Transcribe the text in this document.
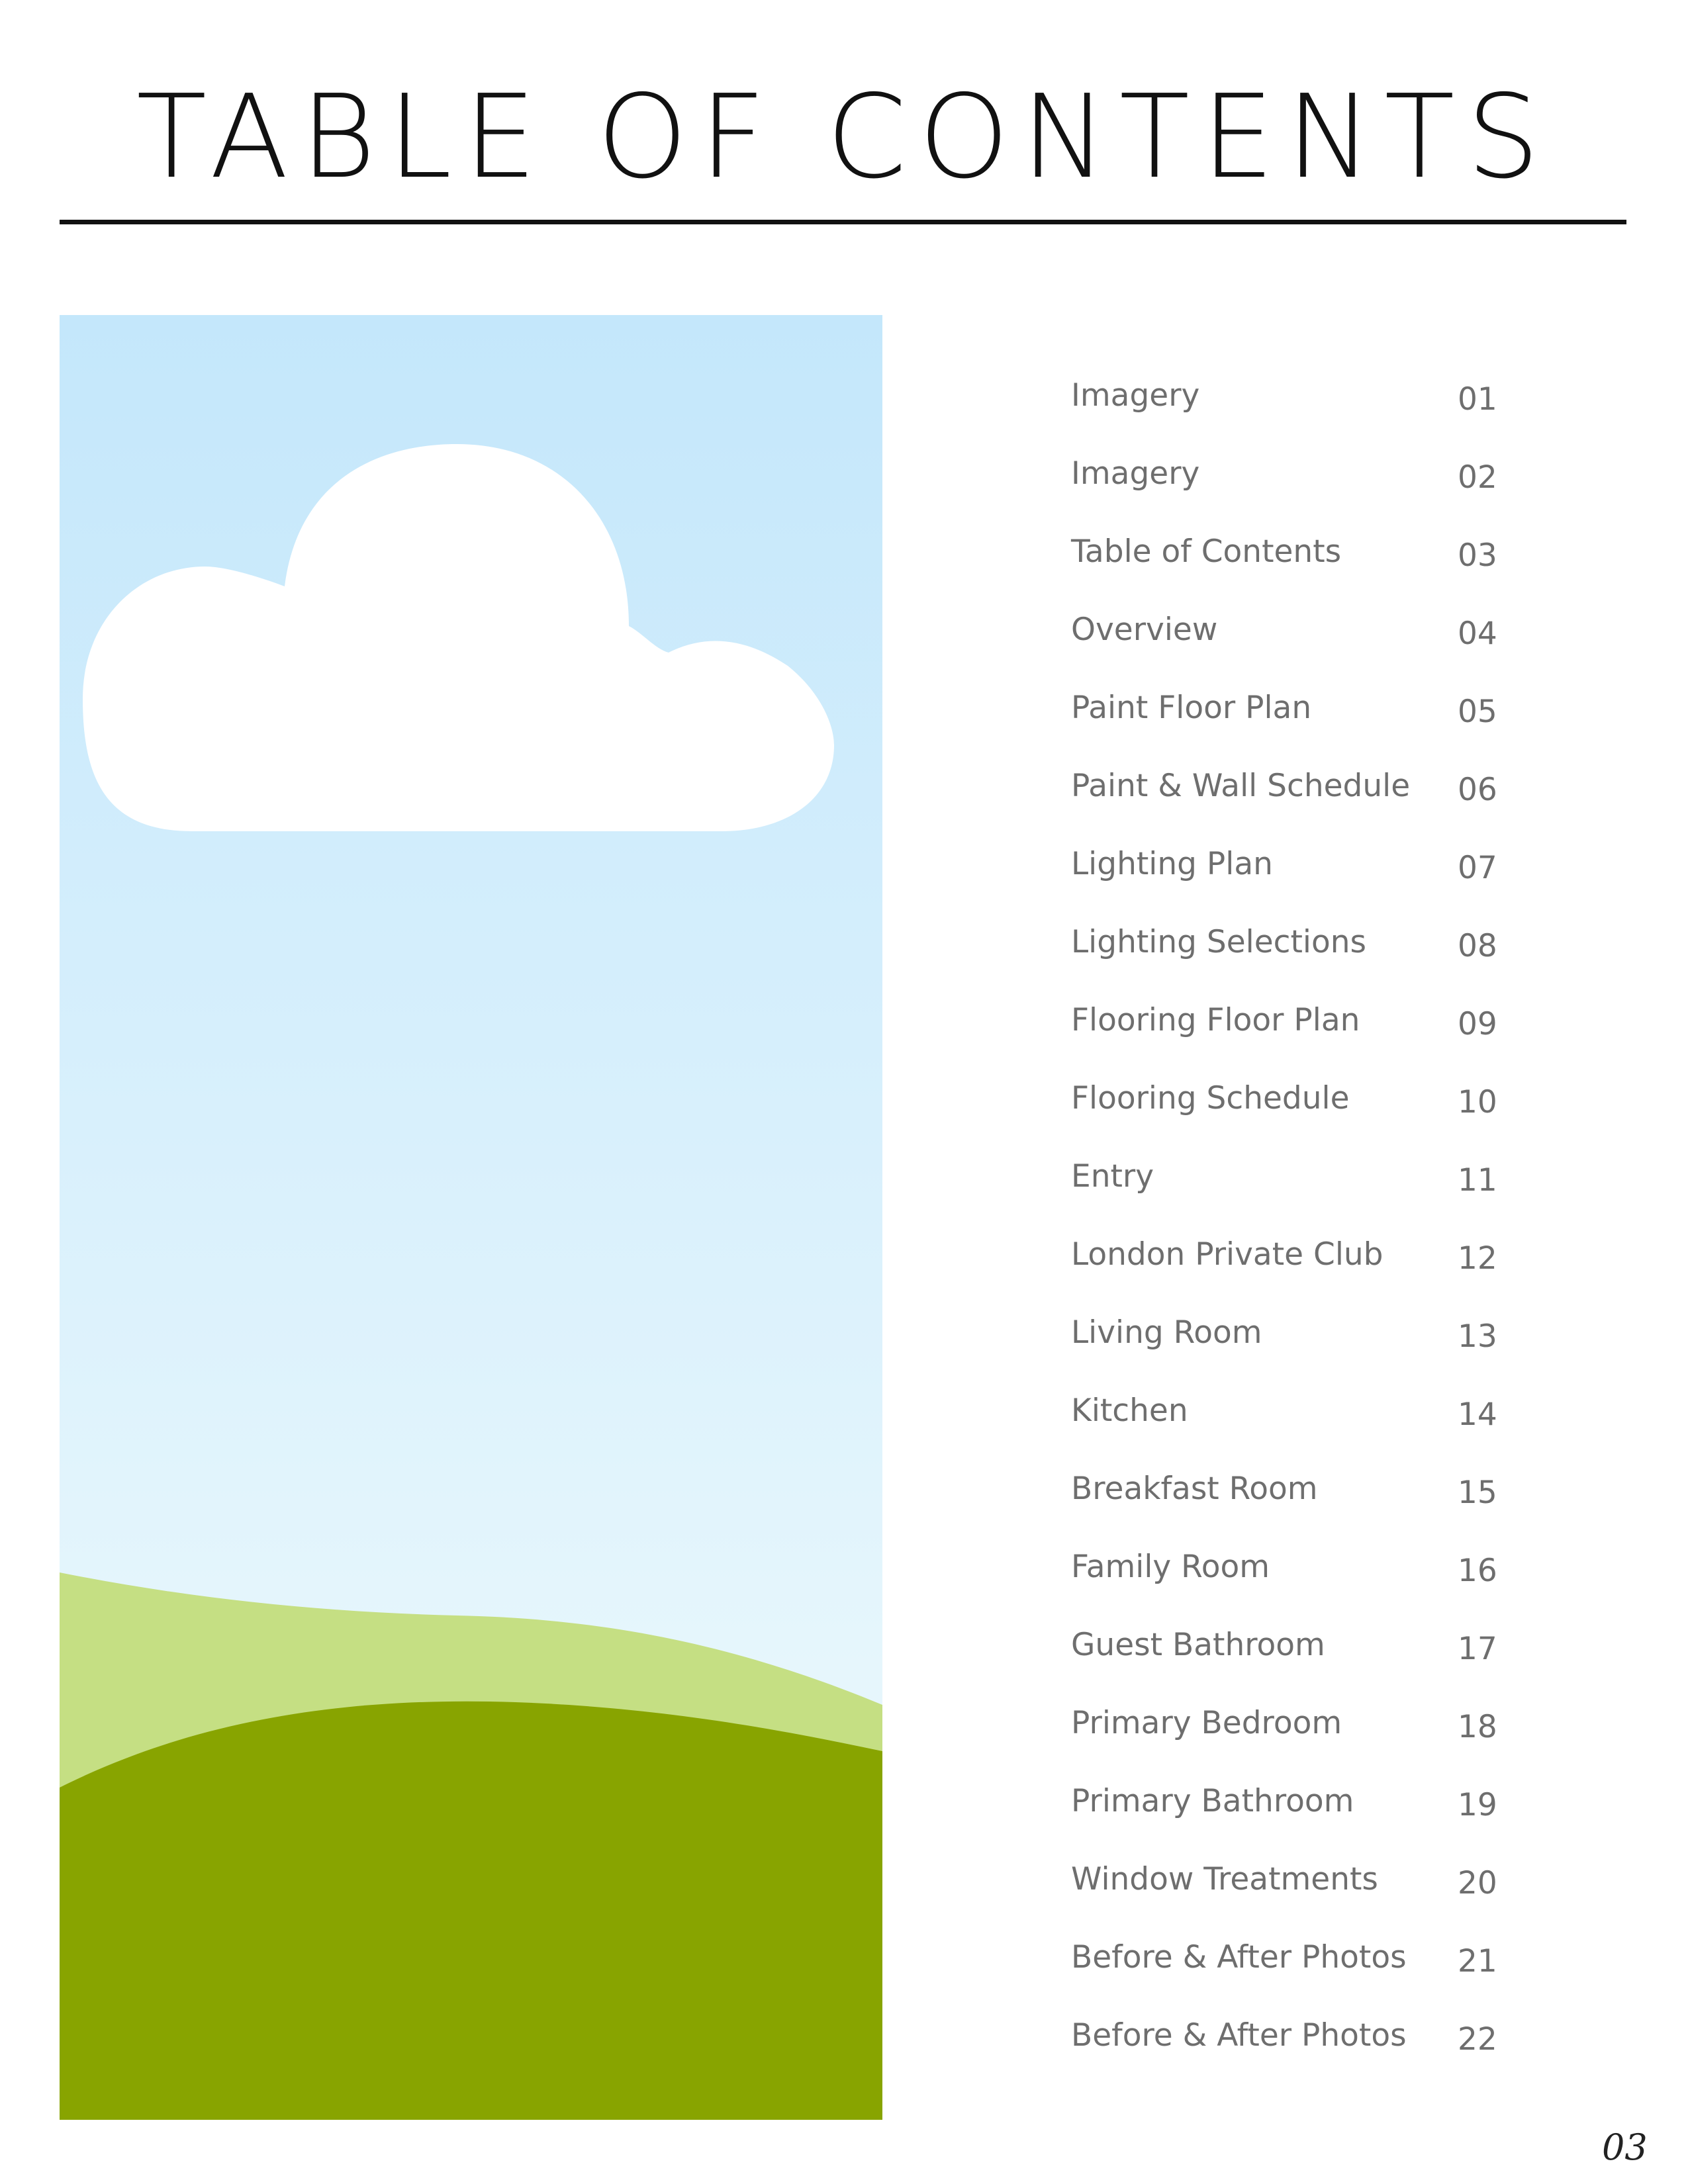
TABLE OF CONTENTS
Imagery	01
Imagery	02
Table of Contents	03
Overview	04
Paint Floor Plan	05
Paint & Wall Schedule 06
Lighting Plan	07
Lighting Selections	08
Flooring Floor Plan	09
Flooring Schedule	10
Entry	11
London Private Club 12
Living Room	13
Kitchen	14
Breakfast Room	15
Family Room	16
Guest Bathroom	17
Primary Bedroom	18
Primary Bathroom	19
Window Treatments	20
Before & After Photos 21
Before & After Photos 22
03
